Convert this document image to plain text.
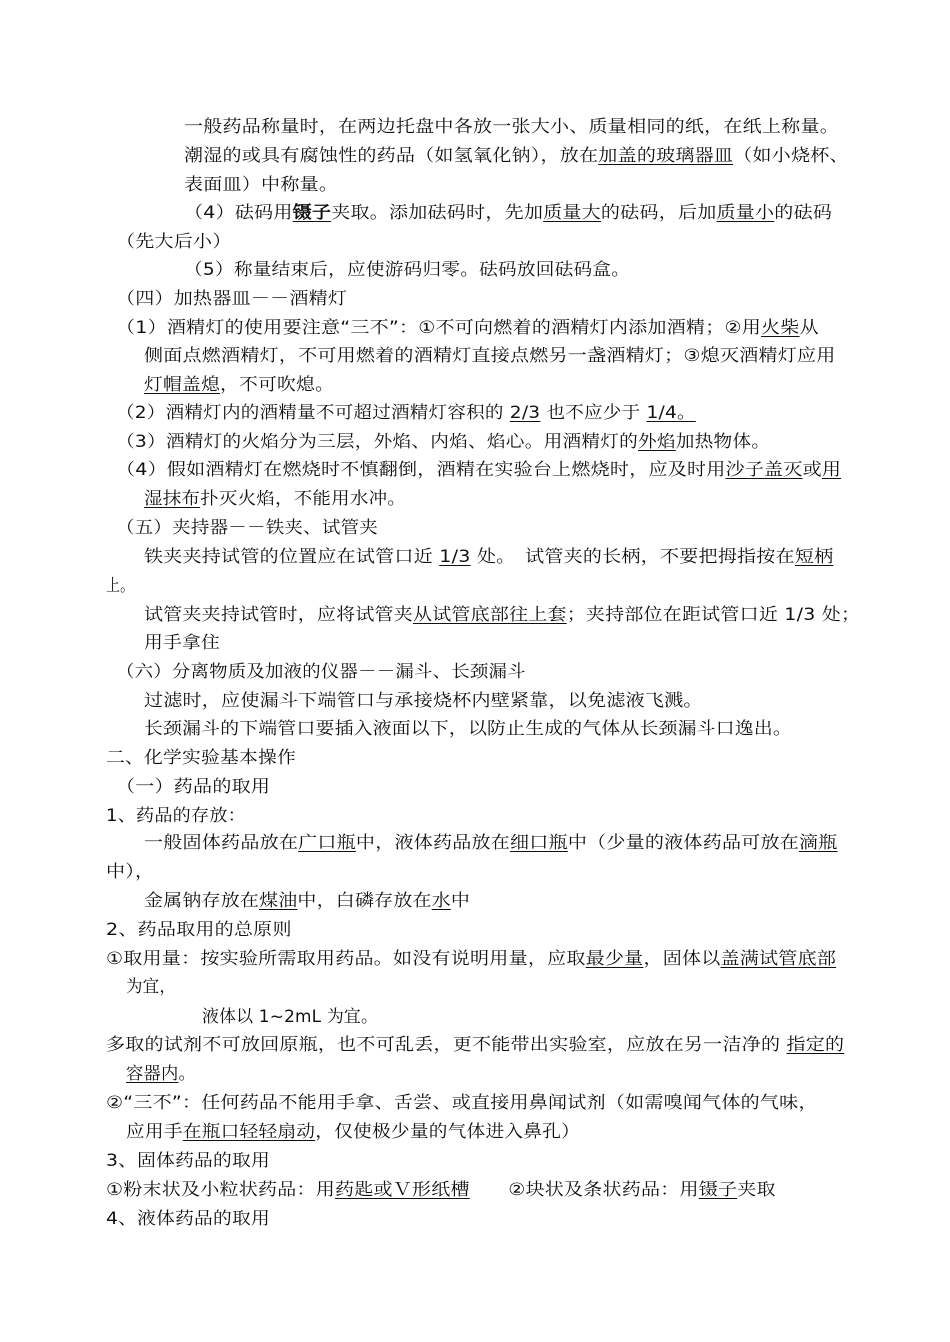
一般药品称量时，在两边托盘中各放一张大小、质量相同的纸，在纸上称量。
潮湿的或具有腐蚀性的药品（如氢氧化钠），放在加盖的玻璃器皿（如小烧杯、
表面皿）中称量。
（4）砝码用镊子夹取。添加砝码时，先加质量大的砝码，后加质量小的砝码
（先大后小）
（5）称量结束后，应使游码归零。砝码放回砝码盒。
（四）加热器皿－－酒精灯
（1）酒精灯的使用要注意“三不”：①不可向燃着的酒精灯内添加酒精；②用火柴从
侧面点燃酒精灯，不可用燃着的酒精灯直接点燃另一盏酒精灯；③熄灭酒精灯应用
灯帽盖熄，不可吹熄。
（2）酒精灯内的酒精量不可超过酒精灯容积的 2/3 也不应少于 1/4。
（3）酒精灯的火焰分为三层，外焰、内焰、焰心。用酒精灯的外焰加热物体。
（4）假如酒精灯在燃烧时不慎翻倒，酒精在实验台上燃烧时，应及时用沙子盖灭或用
湿抹布扑灭火焰，不能用水冲。
（五）夹持器－－铁夹、试管夹
铁夹夹持试管的位置应在试管口近 1/3 处。　试管夹的长柄，不要把拇指按在短柄
上。
试管夹夹持试管时，应将试管夹从试管底部往上套；夹持部位在距试管口近 1/3 处；
用手拿住
（六）分离物质及加液的仪器－－漏斗、长颈漏斗
过滤时，应使漏斗下端管口与承接烧杯内壁紧靠，以免滤液飞溅。
长颈漏斗的下端管口要插入液面以下，以防止生成的气体从长颈漏斗口逸出。
二、化学实验基本操作
（一）药品的取用
1、药品的存放：
一般固体药品放在广口瓶中，液体药品放在细口瓶中（少量的液体药品可放在滴瓶
中），
金属钠存放在煤油中，白磷存放在水中
2、药品取用的总原则
①取用量：按实验所需取用药品。如没有说明用量，应取最少量，固体以盖满试管底部
为宜，
液体以 1~2mL 为宜。
多取的试剂不可放回原瓶，也不可乱丢，更不能带出实验室，应放在另一洁净的 指定的
容器内。
②“三不”：任何药品不能用手拿、舌尝、或直接用鼻闻试剂（如需嗅闻气体的气味，
应用手在瓶口轻轻扇动，仅使极少量的气体进入鼻孔）
3、固体药品的取用
①粉末状及小粒状药品：用药匙或Ｖ形纸槽　　②块状及条状药品：用镊子夹取
4、液体药品的取用
